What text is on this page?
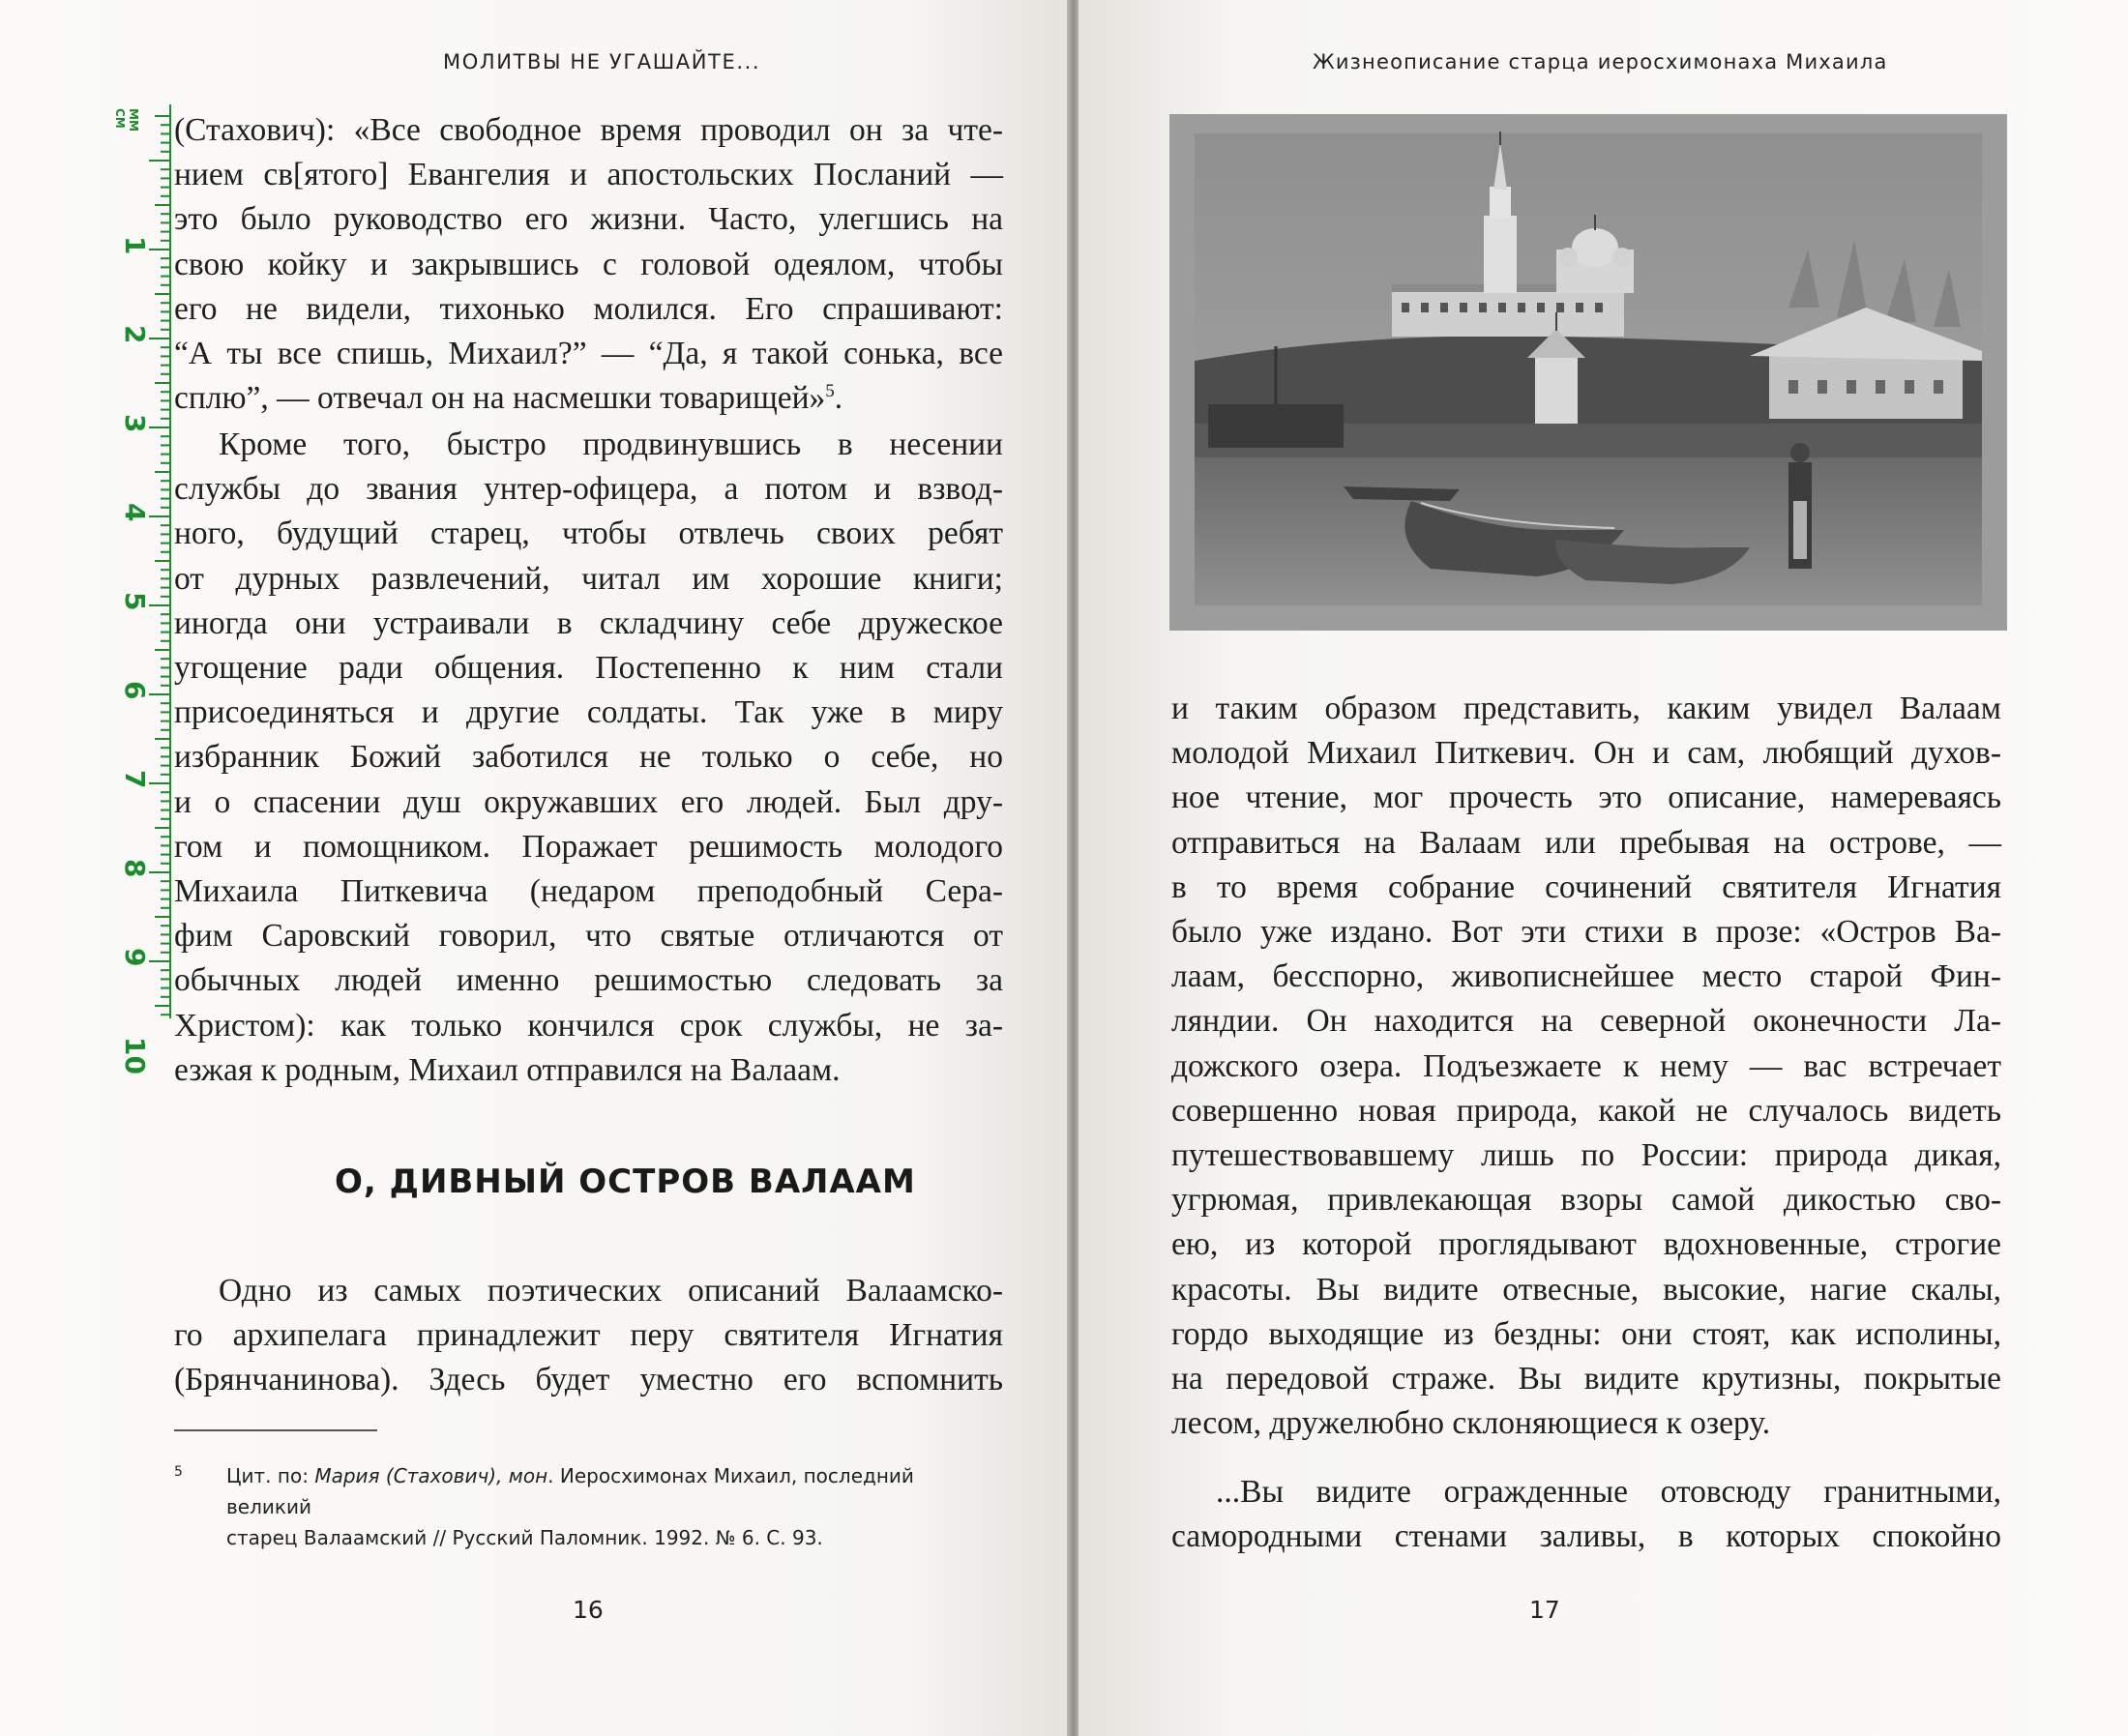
МОЛИТВЫ НЕ УГАШАЙТЕ...
ММ
СМ
1
2
3
4
5
6
7
8
9
10
(Стахович): «Все свободное время проводил он за чте-
нием св[ятого] Евангелия и апостольских Посланий —
это было руководство его жизни. Часто, улегшись на
свою койку и закрывшись с головой одеялом, чтобы
его не видели, тихонько молился. Его спрашивают:
“А ты все спишь, Михаил?” — “Да, я такой сонька, все
сплю”, — отвечал он на насмешки товарищей»$^5$.
Кроме того, быстро продвинувшись в несении
службы до звания унтер-офицера, а потом и взвод-
ного, будущий старец, чтобы отвлечь своих ребят
от дурных развлечений, читал им хорошие книги;
иногда они устраивали в складчину себе дружеское
угощение ради общения. Постепенно к ним стали
присоединяться и другие солдаты. Так уже в миру
избранник Божий заботился не только о себе, но
и о спасении душ окружавших его людей. Был дру-
гом и помощником. Поражает решимость молодого
Михаила Питкевича (недаром преподобный Сера-
фим Саровский говорил, что святые отличаются от
обычных людей именно решимостью следовать за
Христом): как только кончился срок службы, не за-
езжая к родным, Михаил отправился на Валаам.
О, ДИВНЫЙ ОСТРОВ ВАЛААМ
Одно из самых поэтических описаний Валаамско-
го архипелага принадлежит перу святителя Игнатия
(Брянчанинова). Здесь будет уместно его вспомнить
5 Цит. по: Мария (Стахович), мон. Иеросхимонах Михаил, последний великий
старец Валаамский // Русский Паломник. 1992. № 6. С. 93.
16
Жизнеописание старца иеросхимонаха Михаила
и таким образом представить, каким увидел Валаам
молодой Михаил Питкевич. Он и сам, любящий духов-
ное чтение, мог прочесть это описание, намереваясь
отправиться на Валаам или пребывая на острове, —
в то время собрание сочинений святителя Игнатия
было уже издано. Вот эти стихи в прозе: «Остров Ва-
лаам, бесспорно, живописнейшее место старой Фин-
ляндии. Он находится на северной оконечности Ла-
дожского озера. Подъезжаете к нему — вас встречает
совершенно новая природа, какой не случалось видеть
путешествовавшему лишь по России: природа дикая,
угрюмая, привлекающая взоры самой дикостью сво-
ею, из которой проглядывают вдохновенные, строгие
красоты. Вы видите отвесные, высокие, нагие скалы,
гордо выходящие из бездны: они стоят, как исполины,
на передовой страже. Вы видите крутизны, покрытые
лесом, дружелюбно склоняющиеся к озеру.
...Вы видите огражденные отовсюду гранитными,
самородными стенами заливы, в которых спокойно
17
